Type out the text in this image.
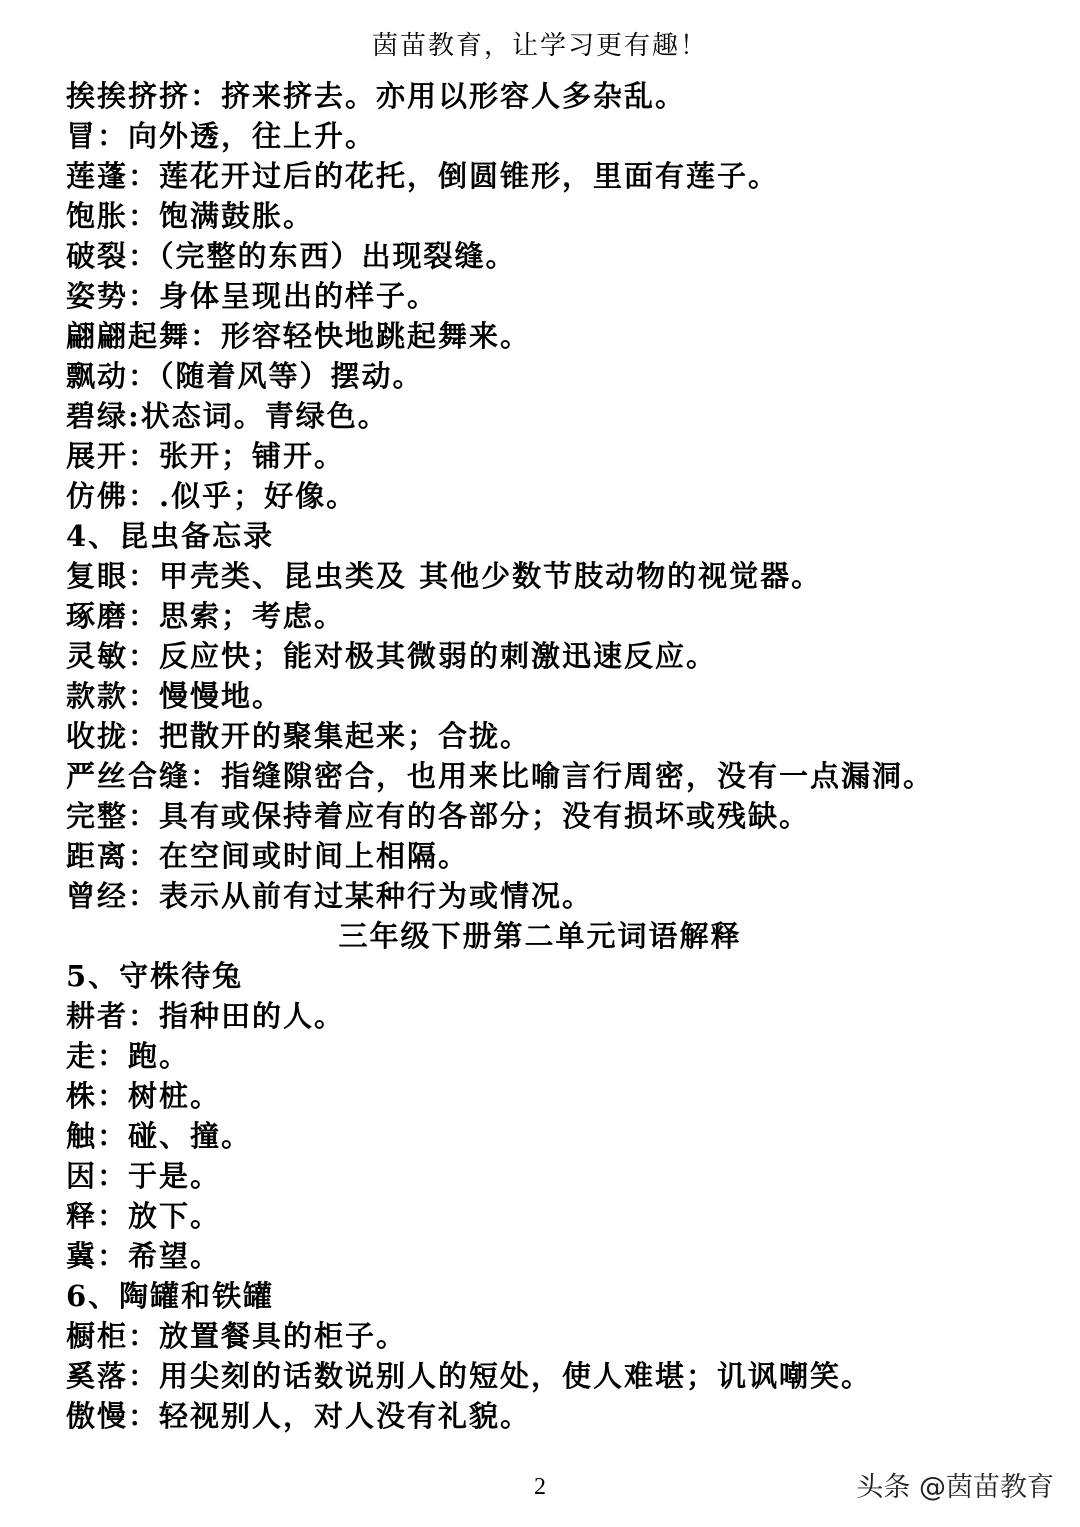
茵苗教育，让学习更有趣！
挨挨挤挤：挤来挤去。亦用以形容人多杂乱。
冒：向外透，往上升。
莲蓬：莲花开过后的花托，倒圆锥形，里面有莲子。
饱胀：饱满鼓胀。
破裂：（完整的东西）出现裂缝。
姿势：身体呈现出的样子。
翩翩起舞：形容轻快地跳起舞来。
飘动：（随着风等）摆动。
碧绿:状态词。青绿色。
展开：张开；铺开。
仿佛：.似乎；好像。
4、昆虫备忘录
复眼：甲壳类、昆虫类及 其他少数节肢动物的视觉器。
琢磨：思索；考虑。
灵敏：反应快；能对极其微弱的刺激迅速反应。
款款：慢慢地。
收拢：把散开的聚集起来；合拢。
严丝合缝：指缝隙密合，也用来比喻言行周密，没有一点漏洞。
完整：具有或保持着应有的各部分；没有损坏或残缺。
距离：在空间或时间上相隔。
曾经：表示从前有过某种行为或情况。
三年级下册第二单元词语解释
5、守株待兔
耕者：指种田的人。
走：跑。
株：树桩。
触：碰、撞。
因：于是。
释：放下。
冀：希望。
6、陶罐和铁罐
橱柜：放置餐具的柜子。
奚落：用尖刻的话数说别人的短处，使人难堪；讥讽嘲笑。
傲慢：轻视别人，对人没有礼貌。
2	头条 @茵苗教育
